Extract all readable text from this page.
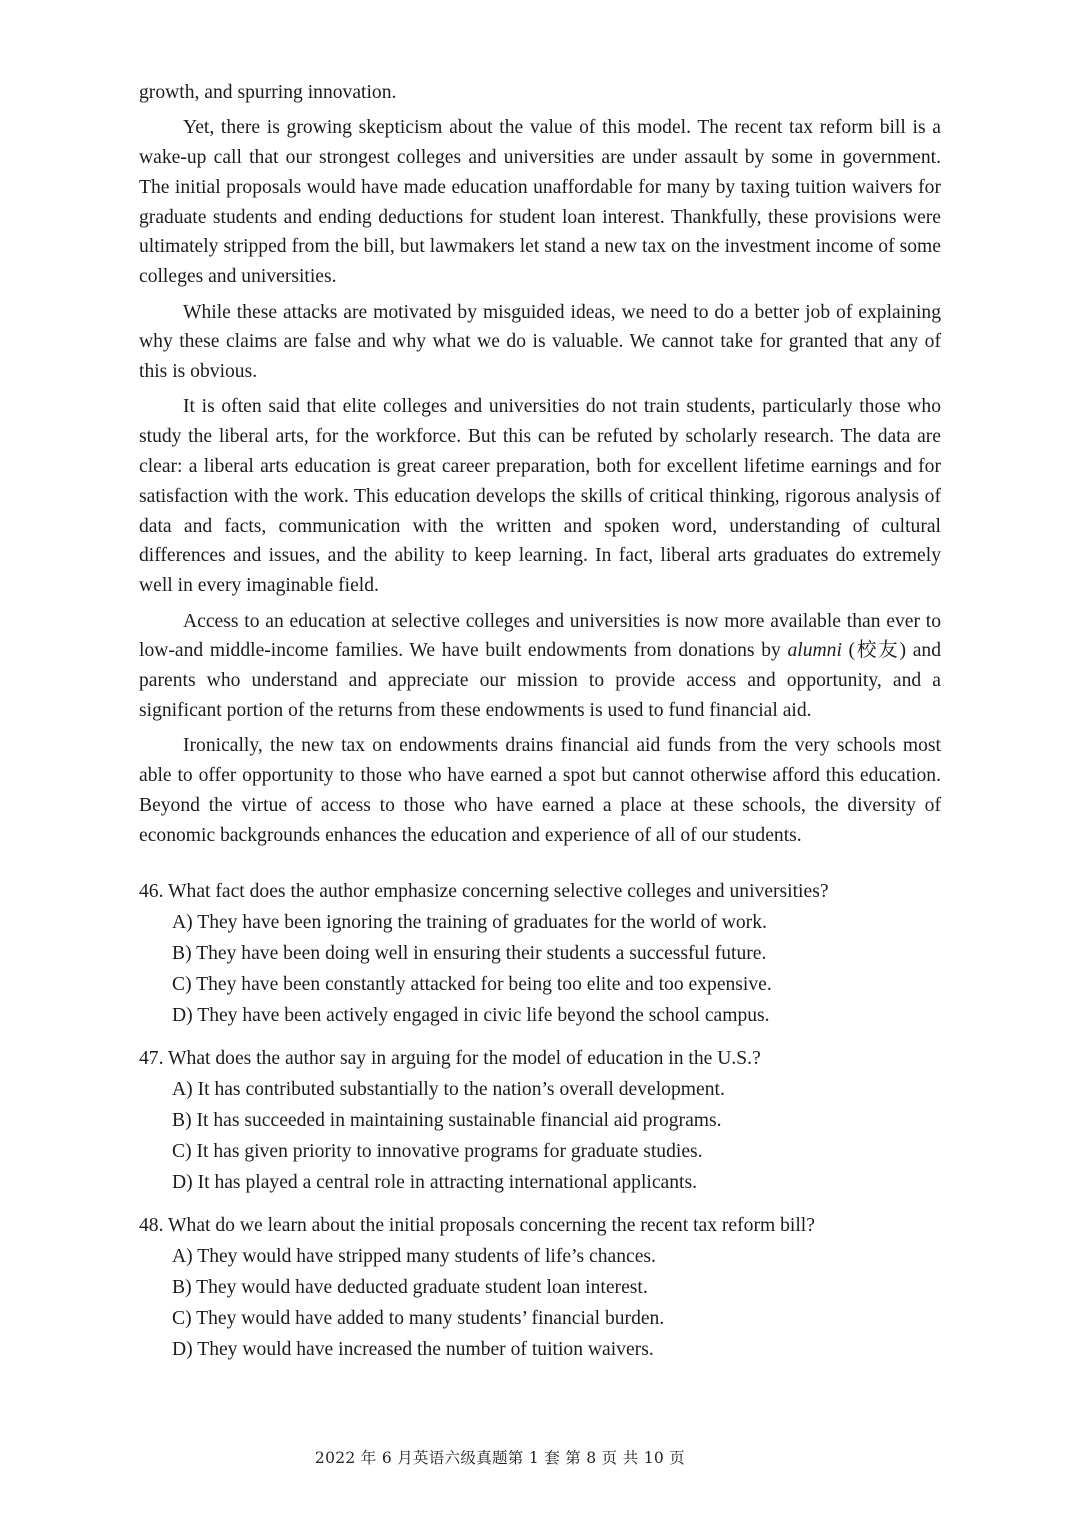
growth, and spurring innovation.

Yet, there is growing skepticism about the value of this model. The recent tax reform bill is a wake-up call that our strongest colleges and universities are under assault by some in government. The initial proposals would have made education unaffordable for many by taxing tuition waivers for graduate students and ending deductions for student loan interest. Thankfully, these provisions were ultimately stripped from the bill, but lawmakers let stand a new tax on the investment income of some colleges and universities.

While these attacks are motivated by misguided ideas, we need to do a better job of explaining why these claims are false and why what we do is valuable. We cannot take for granted that any of this is obvious.

It is often said that elite colleges and universities do not train students, particularly those who study the liberal arts, for the workforce. But this can be refuted by scholarly research. The data are clear: a liberal arts education is great career preparation, both for excellent lifetime earnings and for satisfaction with the work. This education develops the skills of critical thinking, rigorous analysis of data and facts, communication with the written and spoken word, understanding of cultural differences and issues, and the ability to keep learning. In fact, liberal arts graduates do extremely well in every imaginable field.

Access to an education at selective colleges and universities is now more available than ever to low-and middle-income families. We have built endowments from donations by alumni (校友) and parents who understand and appreciate our mission to provide access and opportunity, and a significant portion of the returns from these endowments is used to fund financial aid.

Ironically, the new tax on endowments drains financial aid funds from the very schools most able to offer opportunity to those who have earned a spot but cannot otherwise afford this education. Beyond the virtue of access to those who have earned a place at these schools, the diversity of economic backgrounds enhances the education and experience of all of our students.

46. What fact does the author emphasize concerning selective colleges and universities?
A) They have been ignoring the training of graduates for the world of work.
B) They have been doing well in ensuring their students a successful future.
C) They have been constantly attacked for being too elite and too expensive.
D) They have been actively engaged in civic life beyond the school campus.
47. What does the author say in arguing for the model of education in the U.S.?
A) It has contributed substantially to the nation’s overall development.
B) It has succeeded in maintaining sustainable financial aid programs.
C) It has given priority to innovative programs for graduate studies.
D) It has played a central role in attracting international applicants.
48. What do we learn about the initial proposals concerning the recent tax reform bill?
A) They would have stripped many students of life’s chances.
B) They would have deducted graduate student loan interest.
C) They would have added to many students’ financial burden.
D) They would have increased the number of tuition waivers.
2022 年 6 月英语六级真题第 1 套 第 8 页 共 10 页
